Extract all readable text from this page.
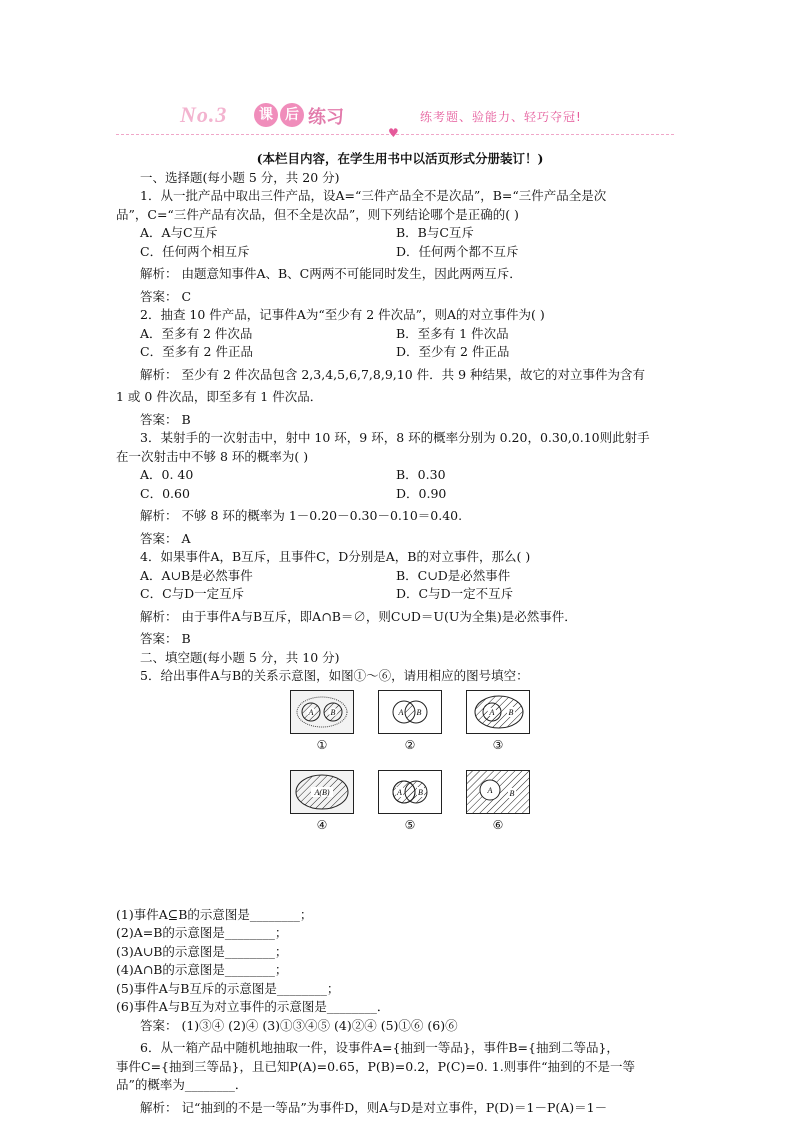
No.3	课 后 练习	练考题、验能力、轻巧夺冠!
♥

(本栏目内容，在学生用书中以活页形式分册装订！)

一、选择题(每小题 5 分，共 20 分)

1．从一批产品中取出三件产品，设A=“三件产品全不是次品”，B=“三件产品全是次

品”，C=“三件产品有次品，但不全是次品”，则下列结论哪个是正确的( )

A．A与C互斥	B．B与C互斥
C．任何两个相互斥	D．任何两个都不互斥

解析： 由题意知事件A、B、C两两不可能同时发生，因此两两互斥．

答案： C

2．抽查 10 件产品，记事件A为“至少有 2 件次品”，则A的对立事件为( )

A．至多有 2 件次品	B．至多有 1 件次品
C．至多有 2 件正品	D．至少有 2 件正品

解析： 至少有 2 件次品包含 2,3,4,5,6,7,8,9,10 件．共 9 种结果，故它的对立事件为含有

1 或 0 件次品，即至多有 1 件次品．

答案： B

3．某射手的一次射击中，射中 10 环，9 环，8 环的概率分别为 0.20，0.30,0.10则此射手

在一次射击中不够 8 环的概率为( )

A．0. 40	B．0.30
C．0.60	D．0.90

解析： 不够 8 环的概率为 1－0.20－0.30－0.10＝0.40.

答案： A

4．如果事件A，B互斥，且事件C，D分别是A，B的对立事件，那么( )

A．A∪B是必然事件	B．C∪D是必然事件
C．C与D一定互斥	D．C与D一定不互斥

解析： 由于事件A与B互斥，即A∩B＝∅，则C∪D＝U(U为全集)是必然事件．

答案： B

二、填空题(每小题 5 分，共 10 分)

5．给出事件A与B的关系示意图，如图①～⑥，请用相应的图号填空：

A B
①
A B
②
A B
③
A(B)
④
A B
⑤
A B
⑥

(1)事件A⊆B的示意图是________；

(2)A=B的示意图是________；

(3)A∪B的示意图是________；

(4)A∩B的示意图是________；

(5)事件A与B互斥的示意图是________；

(6)事件A与B互为对立事件的示意图是________．

答案： (1)③④ (2)④ (3)①③④⑤ (4)②④ (5)①⑥ (6)⑥

6．从一箱产品中随机地抽取一件，设事件A={抽到一等品}，事件B={抽到二等品}，

事件C={抽到三等品}，且已知P(A)=0.65，P(B)=0.2，P(C)=0. 1.则事件“抽到的不是一等

品”的概率为________．

解析： 记“抽到的不是一等品”为事件D，则A与D是对立事件，P(D)＝1－P(A)＝1－
